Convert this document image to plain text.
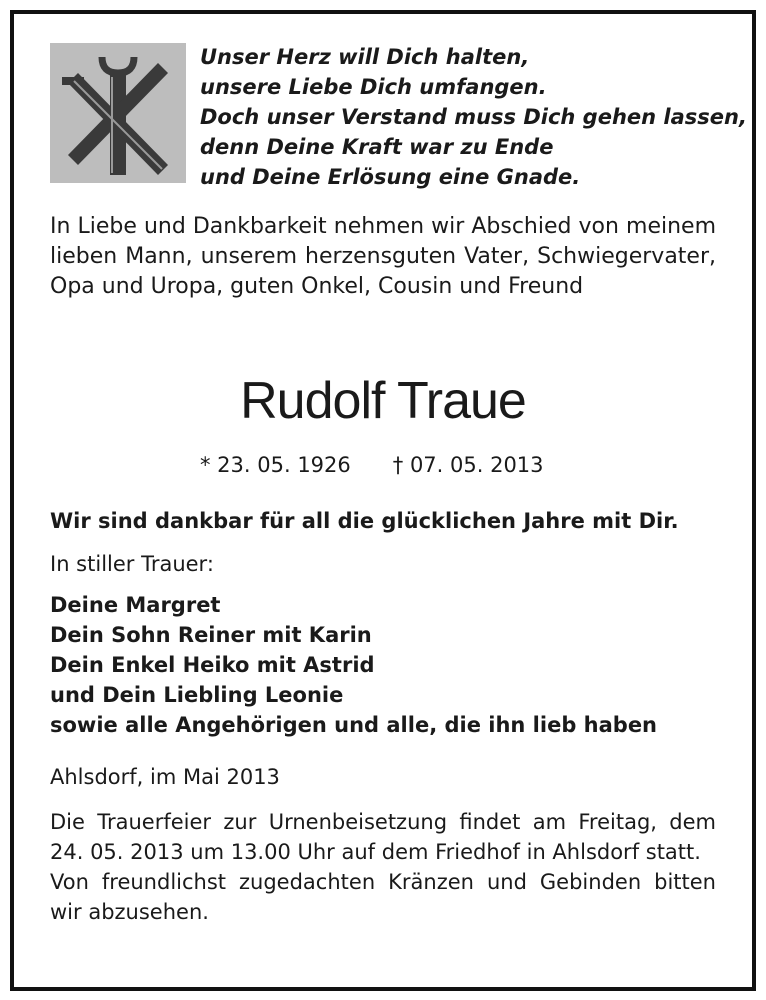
Unser Herz will Dich halten,
unsere Liebe Dich umfangen.
Doch unser Verstand muss Dich gehen lassen,
denn Deine Kraft war zu Ende
und Deine Erlösung eine Gnade.
In Liebe und Dankbarkeit nehmen wir Abschied von meinem lieben Mann, unserem herzensguten Vater, Schwiegervater, Opa und Uropa, guten Onkel, Cousin und Freund
Rudolf Traue
* 23. 05. 1926 † 07. 05. 2013
Wir sind dankbar für all die glücklichen Jahre mit Dir.
In stiller Trauer:
Deine Margret
Dein Sohn Reiner mit Karin
Dein Enkel Heiko mit Astrid
und Dein Liebling Leonie
sowie alle Angehörigen und alle, die ihn lieb haben
Ahlsdorf, im Mai 2013

Die Trauerfeier zur Urnenbeisetzung findet am Freitag, dem 24. 05. 2013 um 13.00 Uhr auf dem Friedhof in Ahlsdorf statt.

Von freundlichst zugedachten Kränzen und Gebinden bitten wir abzusehen.
